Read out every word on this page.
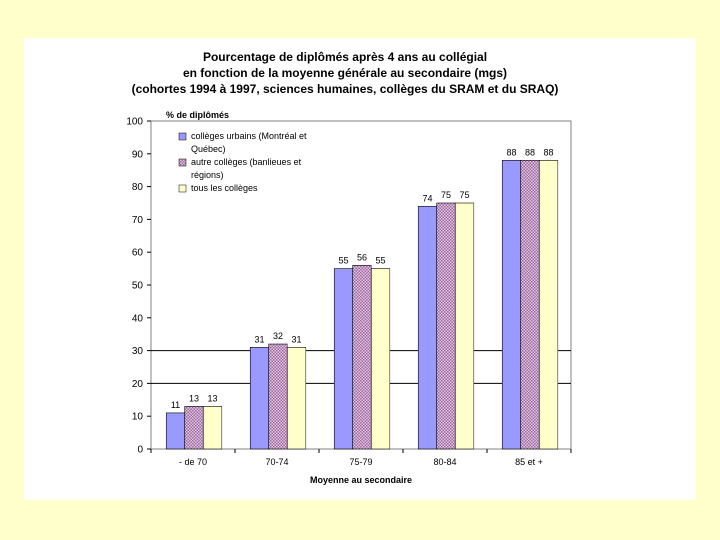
Pourcentage de diplômés après 4 ans au collégial
en fonction de la moyenne générale au secondaire (mgs)
(cohortes 1994 à 1997, sciences humaines, collèges du SRAM et du SRAQ)
% de diplômés
Moyenne au secondaire
0
10
20
30
40
50
60
70
80
90
100
11
13 13
31 32 31
55 56 55
74 75 75
88 88 88
- de 70	70-74	75-79	80-84	85 et +
collèges urbains (Montréal et
Québec)
autre collèges (banlieues et
régions)
tous les collèges
